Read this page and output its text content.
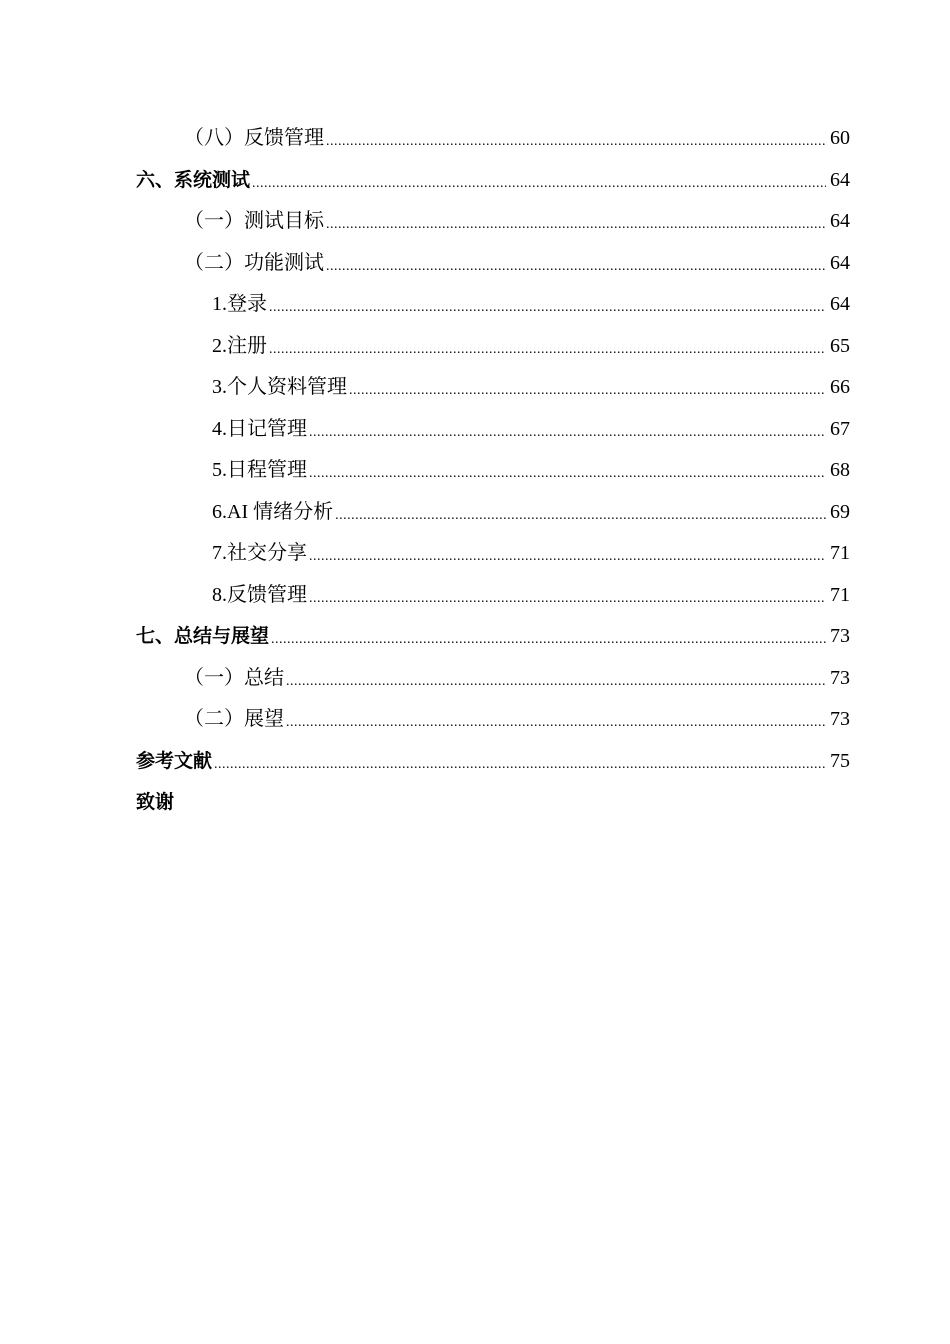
（八）反馈管理 .....	60
六、系统测试 .....	64
（一）测试目标 .....	64
（二）功能测试 .....	64
1.登录 .....	64
2.注册 .....	65
3.个人资料管理 .....	66
4.日记管理 .....	67
5.日程管理 .....	68
6.AI 情绪分析 .....	69
7.社交分享 .....	71
8.反馈管理 .....	71
七、总结与展望 .....	73
（一）总结 .....	73
（二）展望 .....	73
参考文献 .....	75
致谢
